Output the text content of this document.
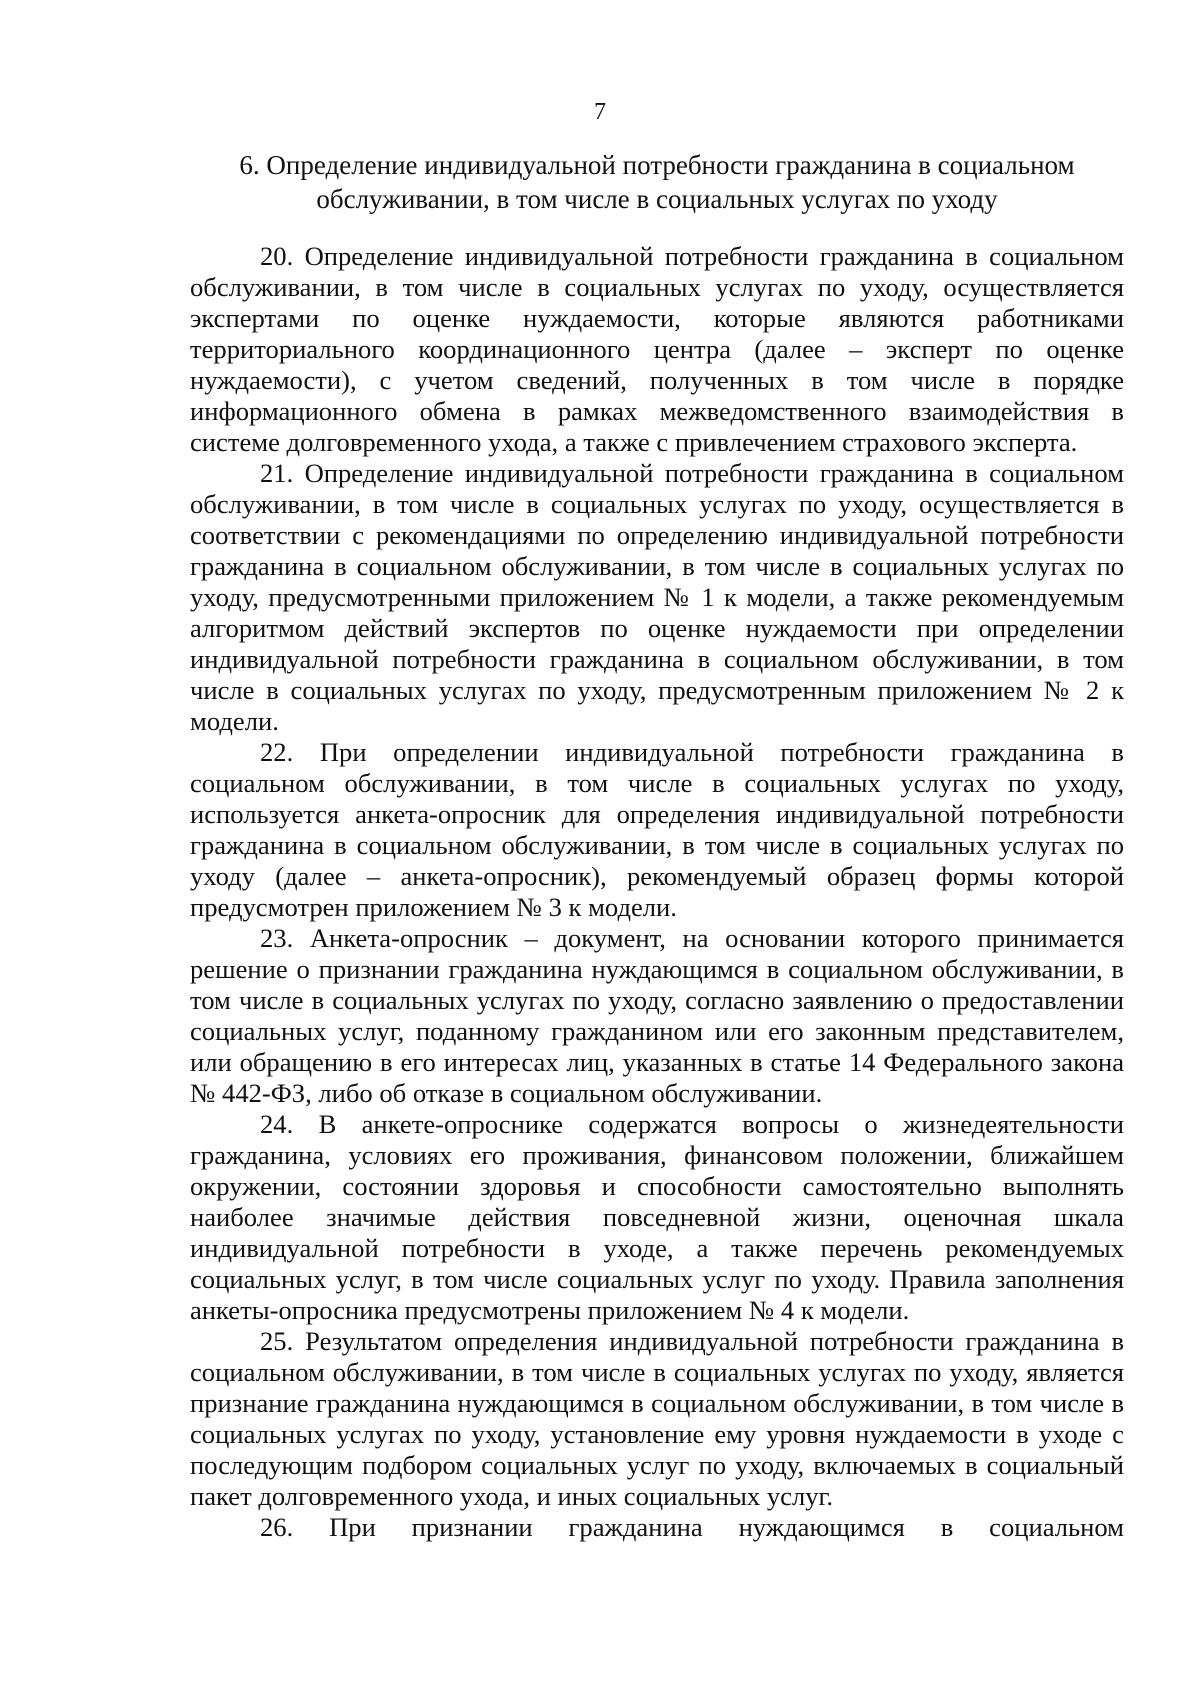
7
6. Определение индивидуальной потребности гражданина в социальном обслуживании, в том числе в социальных услугах по уходу

20. Определение индивидуальной потребности гражданина в социальном обслуживании, в том числе в социальных услугах по уходу, осуществляется экспертами по оценке нуждаемости, которые являются работниками территориального координационного центра (далее – эксперт по оценке нуждаемости), с учетом сведений, полученных в том числе в порядке информационного обмена в рамках межведомственного взаимодействия в системе долговременного ухода, а также с привлечением страхового эксперта.

21. Определение индивидуальной потребности гражданина в социальном обслуживании, в том числе в социальных услугах по уходу, осуществляется в соответствии с рекомендациями по определению индивидуальной потребности гражданина в социальном обслуживании, в том числе в социальных услугах по уходу, предусмотренными приложением № 1 к модели, а также рекомендуемым алгоритмом действий экспертов по оценке нуждаемости при определении индивидуальной потребности гражданина в социальном обслуживании, в том числе в социальных услугах по уходу, предусмотренным приложением № 2 к модели.

22. При определении индивидуальной потребности гражданина в социальном обслуживании, в том числе в социальных услугах по уходу, используется анкета-опросник для определения индивидуальной потребности гражданина в социальном обслуживании, в том числе в социальных услугах по уходу (далее – анкета-опросник), рекомендуемый образец формы которой предусмотрен приложением № 3 к модели.

23. Анкета-опросник – документ, на основании которого принимается решение о признании гражданина нуждающимся в социальном обслуживании, в том числе в социальных услугах по уходу, согласно заявлению о предоставлении социальных услуг, поданному гражданином или его законным представителем, или обращению в его интересах лиц, указанных в статье 14 Федерального закона № 442-ФЗ, либо об отказе в социальном обслуживании.

24. В анкете-опроснике содержатся вопросы о жизнедеятельности гражданина, условиях его проживания, финансовом положении, ближайшем окружении, состоянии здоровья и способности самостоятельно выполнять наиболее значимые действия повседневной жизни, оценочная шкала индивидуальной потребности в уходе, а также перечень рекомендуемых социальных услуг, в том числе социальных услуг по уходу. Правила заполнения анкеты-опросника предусмотрены приложением № 4 к модели.

25. Результатом определения индивидуальной потребности гражданина в социальном обслуживании, в том числе в социальных услугах по уходу, является признание гражданина нуждающимся в социальном обслуживании, в том числе в социальных услугах по уходу, установление ему уровня нуждаемости в уходе с последующим подбором социальных услуг по уходу, включаемых в социальный пакет долговременного ухода, и иных социальных услуг.

26. При признании гражданина нуждающимся в социальном
